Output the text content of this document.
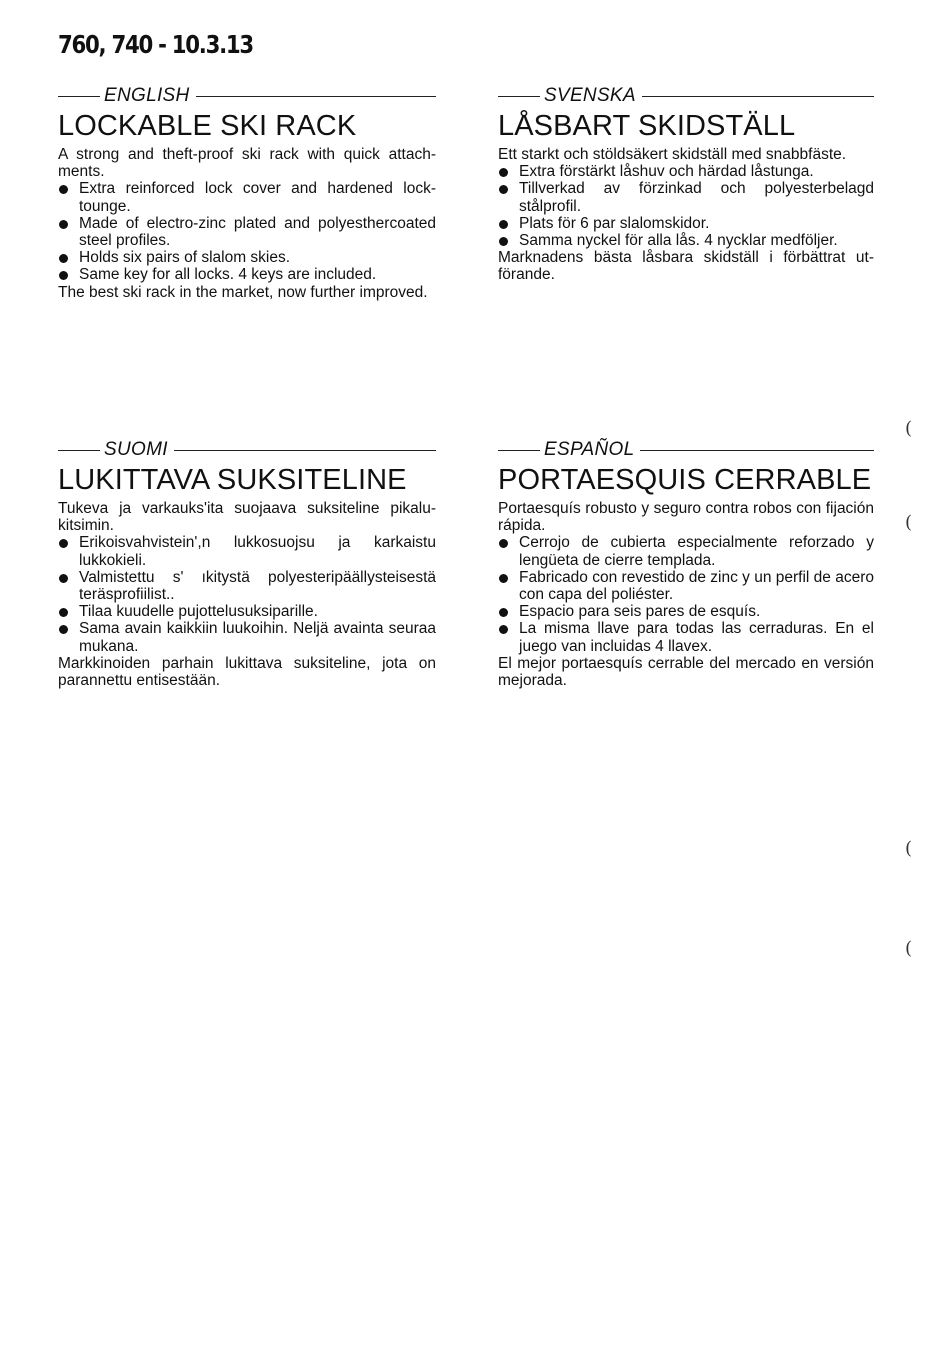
760, 740 - 10.3.13
ENGLISH
LOCKABLE SKI RACK

A strong and theft-proof ski rack with quick attachments.

Extra reinforced lock cover and hardened locktounge.
Made of electro-zinc plated and polyesthercoated steel profiles.
Holds six pairs of slalom skies.
Same key for all locks. 4 keys are included.

The best ski rack in the market, now further improved.

SVENSKA
LÅSBART SKIDSTÄLL

Ett starkt och stöldsäkert skidställ med snabbfäste.

Extra förstärkt låshuv och härdad låstunga.
Tillverkad av förzinkad och polyesterbelagd stålprofil.
Plats för 6 par slalomskidor.
Samma nyckel för alla lås. 4 nycklar medföljer.

Marknadens bästa låsbara skidställ i förbättrat utförande.

SUOMI
LUKITTAVA SUKSITELINE

Tukeva ja varkauks'ita suojaava suksiteline pikalukitsimin.

Erikoisvahvistein',n lukkosuojsu ja karkaistu lukkokieli.
Valmistettu s' ıkitystä polyesteripäällysteisestä teräsprofiilist..
Tilaa kuudelle pujottelusuksiparille.
Sama avain kaikkiin luukoihin. Neljä avainta seuraa mukana.

Markkinoiden parhain lukittava suksiteline, jota on parannettu entisestään.

ESPAÑOL
PORTAESQUIS CERRABLE

Portaesquís robusto y seguro contra robos con fijación rápida.

Cerrojo de cubierta especialmente reforzado y lengüeta de cierre templada.
Fabricado con revestido de zinc y un perfil de acero con capa del poliéster.
Espacio para seis pares de esquís.
La misma llave para todas las cerraduras. En el juego van incluidas 4 llavex.

El mejor portaesquís cerrable del mercado en versión mejorada.

(
(
(
(
